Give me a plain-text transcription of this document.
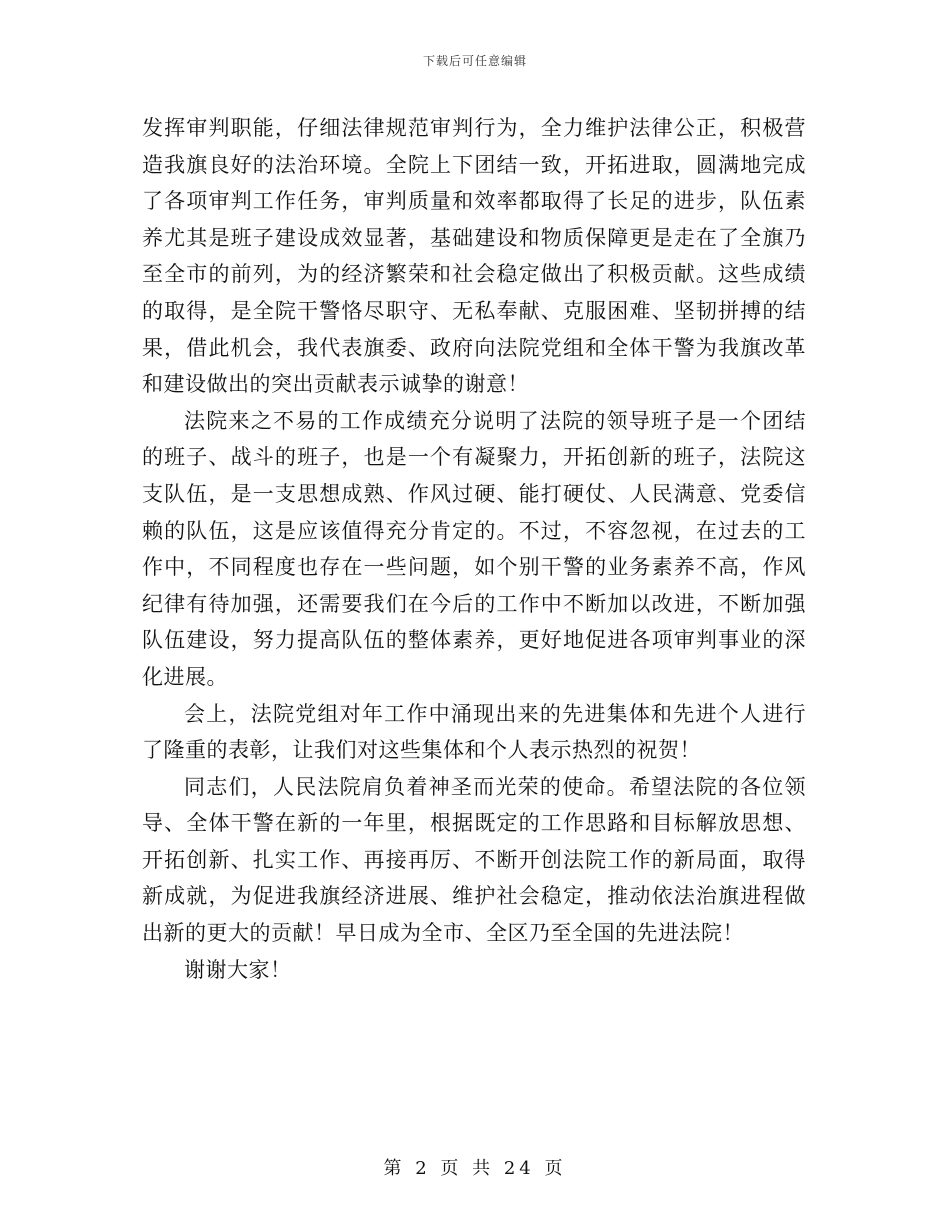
下载后可任意编辑

发挥审判职能，仔细法律规范审判行为，全力维护法律公正，积极营造我旗良好的法治环境。全院上下团结一致，开拓进取，圆满地完成了各项审判工作任务，审判质量和效率都取得了长足的进步，队伍素养尤其是班子建设成效显著，基础建设和物质保障更是走在了全旗乃至全市的前列，为的经济繁荣和社会稳定做出了积极贡献。这些成绩的取得，是全院干警恪尽职守、无私奉献、克服困难、坚韧拼搏的结果，借此机会，我代表旗委、政府向法院党组和全体干警为我旗改革和建设做出的突出贡献表示诚挚的谢意！

法院来之不易的工作成绩充分说明了法院的领导班子是一个团结的班子、战斗的班子，也是一个有凝聚力，开拓创新的班子，法院这支队伍，是一支思想成熟、作风过硬、能打硬仗、人民满意、党委信赖的队伍，这是应该值得充分肯定的。不过，不容忽视，在过去的工作中，不同程度也存在一些问题，如个别干警的业务素养不高，作风纪律有待加强，还需要我们在今后的工作中不断加以改进，不断加强队伍建设，努力提高队伍的整体素养，更好地促进各项审判事业的深化进展。

会上，法院党组对年工作中涌现出来的先进集体和先进个人进行了隆重的表彰，让我们对这些集体和个人表示热烈的祝贺！

同志们，人民法院肩负着神圣而光荣的使命。希望法院的各位领导、全体干警在新的一年里，根据既定的工作思路和目标解放思想、开拓创新、扎实工作、再接再厉、不断开创法院工作的新局面，取得新成就，为促进我旗经济进展、维护社会稳定，推动依法治旗进程做出新的更大的贡献！早日成为全市、全区乃至全国的先进法院！

谢谢大家！

第 2 页 共 24 页
